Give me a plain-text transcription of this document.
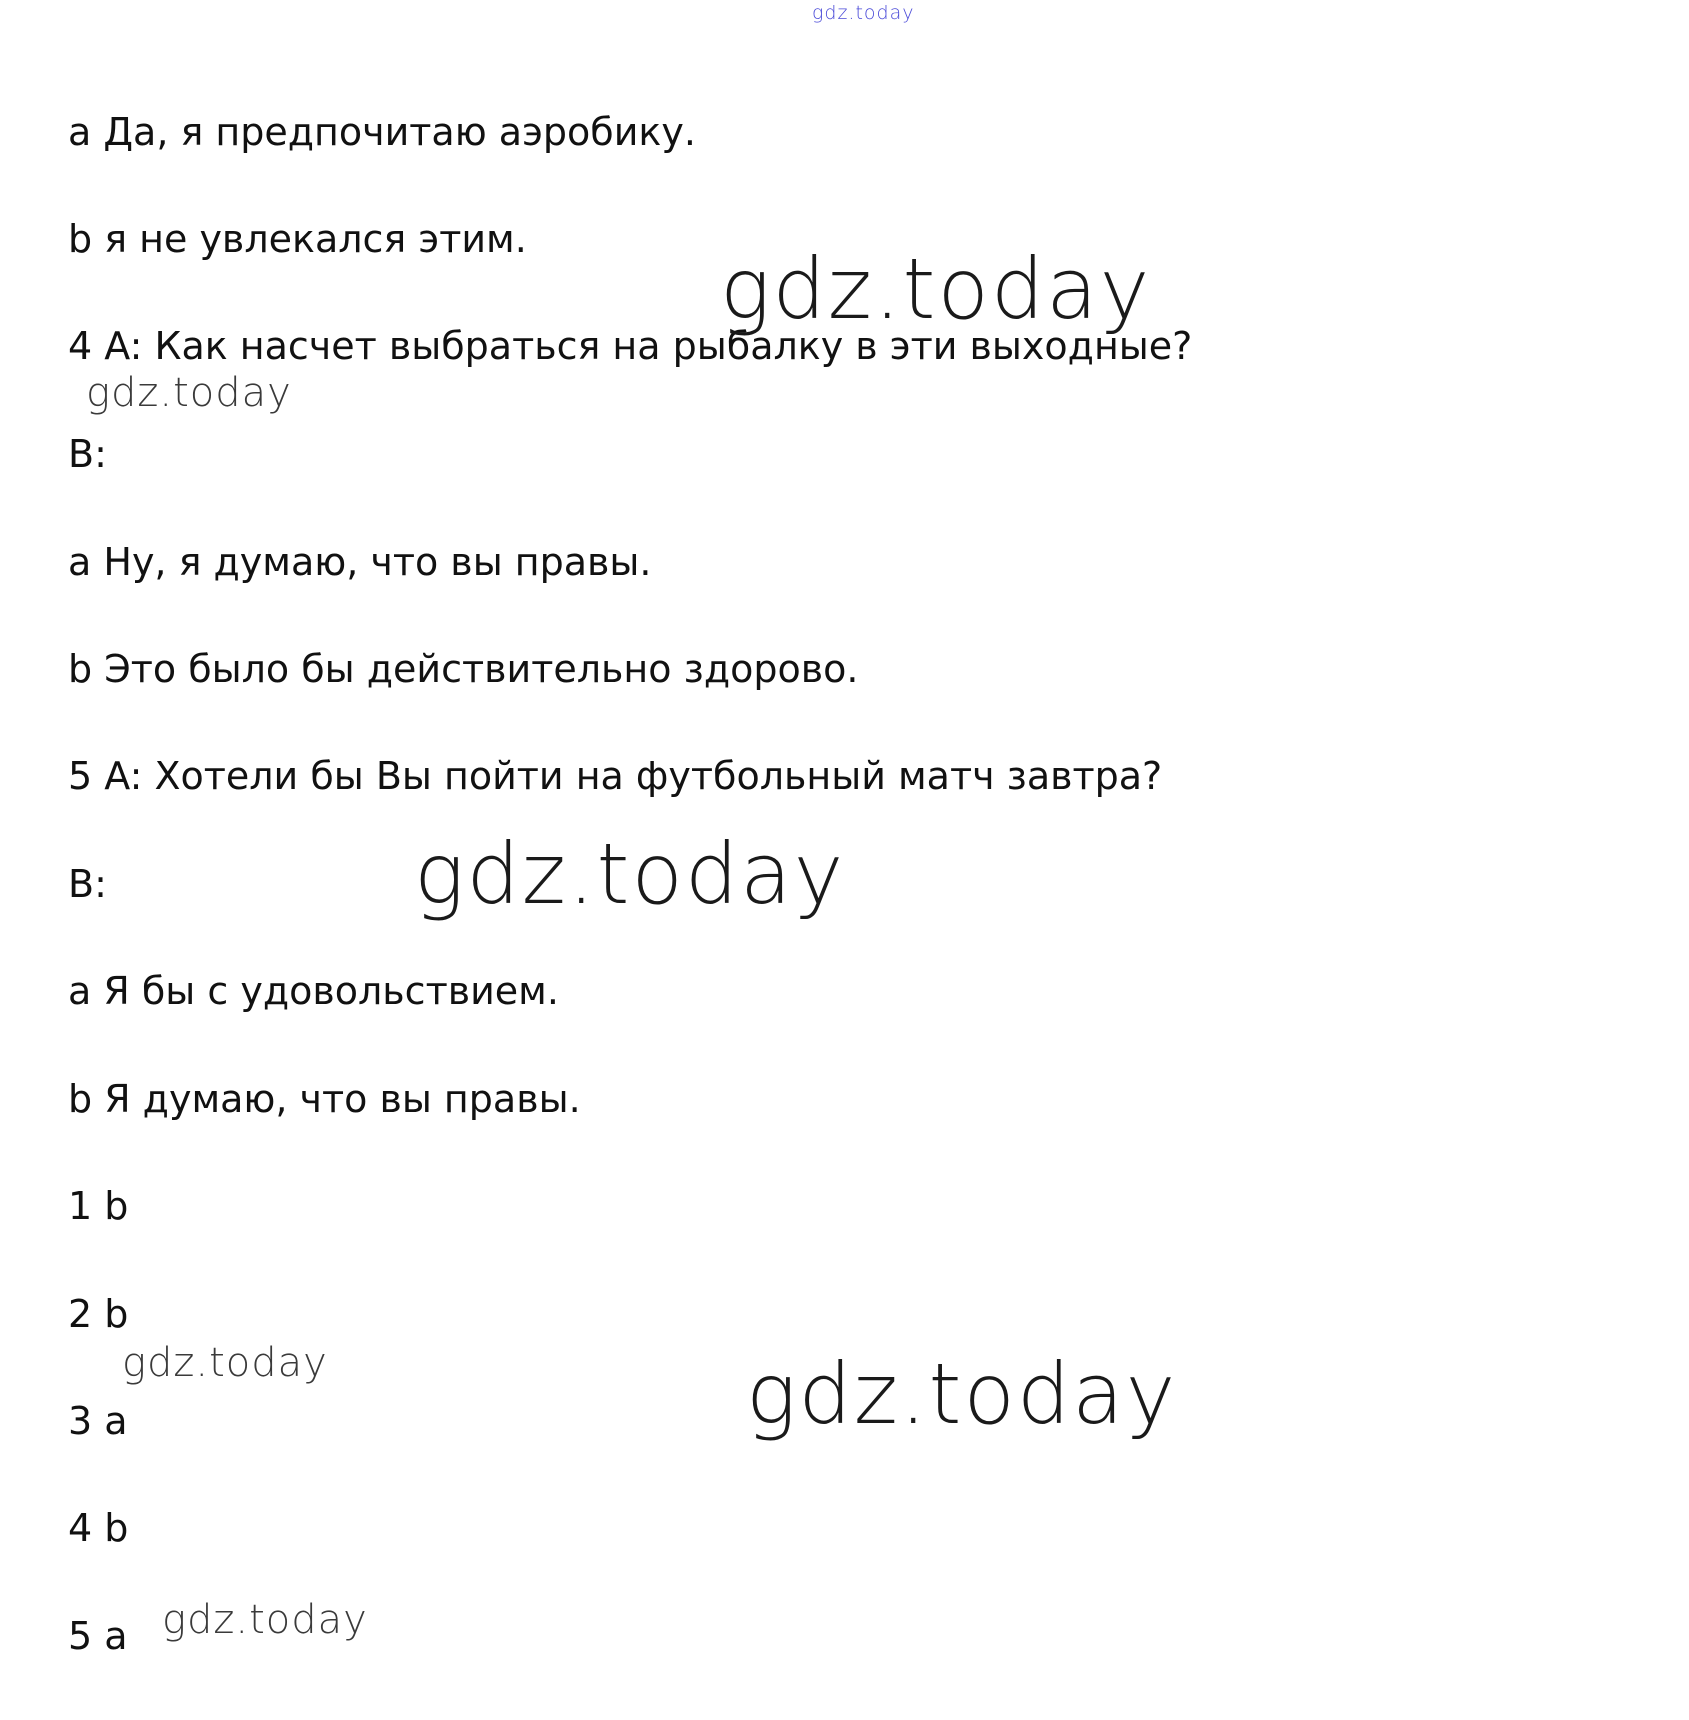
gdz.today

a Да, я предпочитаю аэробику.

b я не увлекался этим.

4 A: Как насчет выбраться на рыбалку в эти выходные?

B:

a Ну, я думаю, что вы правы.

b Это было бы действительно здорово.

5 A: Хотели бы Вы пойти на футбольный матч завтра?

B:

a Я бы с удовольствием.

b Я думаю, что вы правы.

1 b

2 b

3 a

4 b

5 a

gdz.today
gdz.today
gdz.today
gdz.today	gdz.today
gdz.today
